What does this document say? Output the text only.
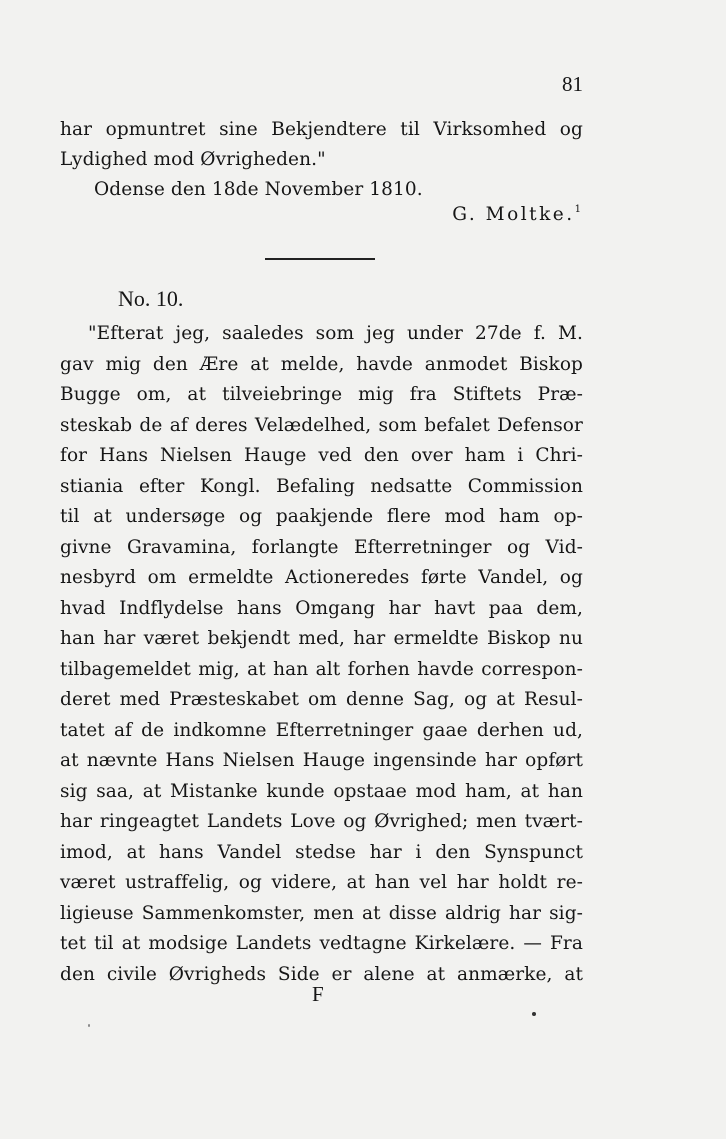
81
har opmuntret sine Bekjendtere til Virksomhed og
Lydighed mod Øvrigheden."
Odense den 18de November 1810.
G. Moltke.$^1$
No. 10.
"Efterat jeg, saaledes som jeg under 27de f. M.
gav mig den Ære at melde, havde anmodet Biskop
Bugge om, at tilveiebringe mig fra Stiftets Præ-
steskab de af deres Velædelhed, som befalet Defensor
for Hans Nielsen Hauge ved den over ham i Chri-
stiania efter Kongl. Befaling nedsatte Commission
til at undersøge og paakjende flere mod ham op-
givne Gravamina, forlangte Efterretninger og Vid-
nesbyrd om ermeldte Actioneredes førte Vandel, og
hvad Indflydelse hans Omgang har havt paa dem,
han har været bekjendt med, har ermeldte Biskop nu
tilbagemeldet mig, at han alt forhen havde correspon-
deret med Præsteskabet om denne Sag, og at Resul-
tatet af de indkomne Efterretninger gaae derhen ud,
at nævnte Hans Nielsen Hauge ingensinde har opført
sig saa, at Mistanke kunde opstaae mod ham, at han
har ringeagtet Landets Love og Øvrighed; men tvært-
imod, at hans Vandel stedse har i den Synspunct
været ustraffelig, og videre, at han vel har holdt re-
ligieuse Sammenkomster, men at disse aldrig har sig-
tet til at modsige Landets vedtagne Kirkelære. — Fra
den civile Øvrigheds Side er alene at anmærke, at
F
